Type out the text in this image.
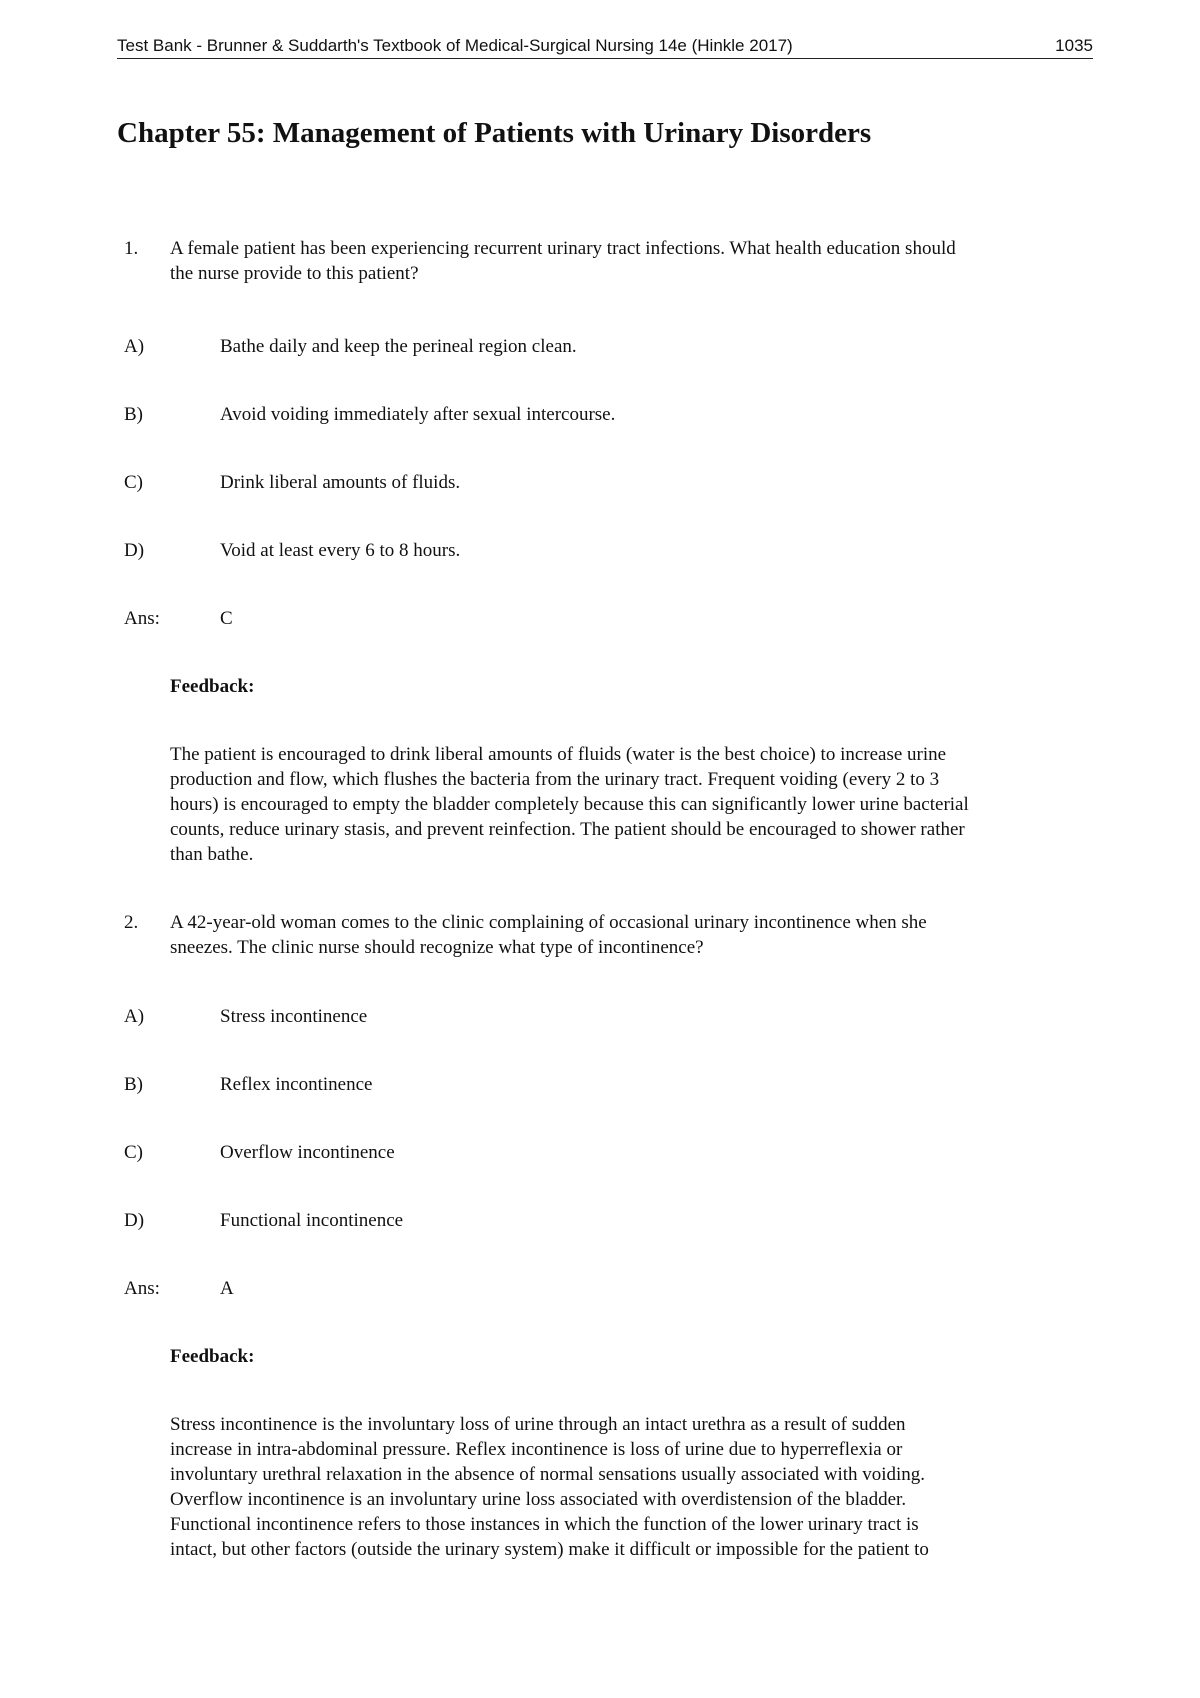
Test Bank - Brunner & Suddarth's Textbook of Medical-Surgical Nursing 14e (Hinkle 2017)	1035
Chapter 55: Management of Patients with Urinary Disorders
1. A female patient has been experiencing recurrent urinary tract infections. What health education should
the nurse provide to this patient?
A)	Bathe daily and keep the perineal region clean.
B)	Avoid voiding immediately after sexual intercourse.
C)	Drink liberal amounts of fluids.
D)	Void at least every 6 to 8 hours.
Ans:	C
Feedback:
The patient is encouraged to drink liberal amounts of fluids (water is the best choice) to increase urine
production and flow, which flushes the bacteria from the urinary tract. Frequent voiding (every 2 to 3
hours) is encouraged to empty the bladder completely because this can significantly lower urine bacterial
counts, reduce urinary stasis, and prevent reinfection. The patient should be encouraged to shower rather
than bathe.
2. A 42-year-old woman comes to the clinic complaining of occasional urinary incontinence when she
sneezes. The clinic nurse should recognize what type of incontinence?
A)	Stress incontinence
B)	Reflex incontinence
C)	Overflow incontinence
D)	Functional incontinence
Ans:	A
Feedback:
Stress incontinence is the involuntary loss of urine through an intact urethra as a result of sudden
increase in intra-abdominal pressure. Reflex incontinence is loss of urine due to hyperreflexia or
involuntary urethral relaxation in the absence of normal sensations usually associated with voiding.
Overflow incontinence is an involuntary urine loss associated with overdistension of the bladder.
Functional incontinence refers to those instances in which the function of the lower urinary tract is
intact, but other factors (outside the urinary system) make it difficult or impossible for the patient to
